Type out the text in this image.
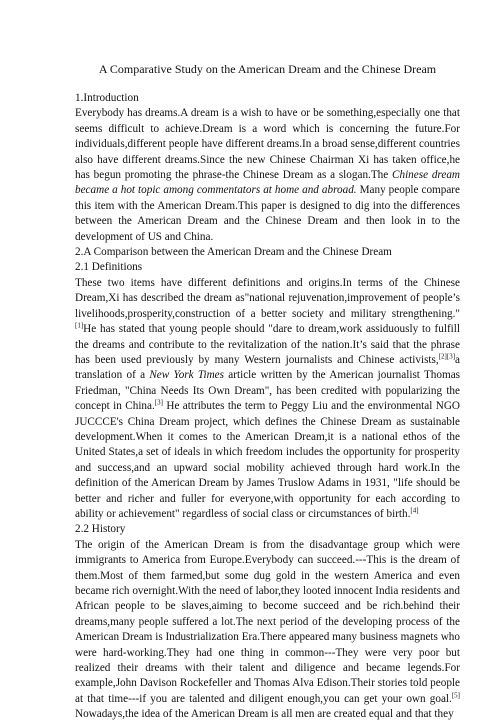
A Comparative Study on the American Dream and the Chinese Dream

1.Introduction

Everybody has dreams.A dream is a wish to have or be something,especially one that seems difficult to achieve.Dream is a word which is concerning the future.For individuals,different people have different dreams.In a broad sense,different countries also have different dreams.Since the new Chinese Chairman Xi has taken office,he has begun promoting the phrase-the Chinese Dream as a slogan.The Chinese dream became a hot topic among commentators at home and abroad. Many people compare this item with the American Dream.This paper is designed to dig into the differences between the American Dream and the Chinese Dream and then look in to the development of US and China.

2.A Comparison between the American Dream and the Chinese Dream

2.1 Definitions

These two items have different definitions and origins.In terms of the Chinese Dream,Xi has described the dream as"national rejuvenation,improvement of people’s livelihoods,prosperity,construction of a better society and military strengthening."[1]He has stated that young people should "dare to dream,work assiduously to fulfill the dreams and contribute to the revitalization of the nation.It’s said that the phrase has been used previously by many Western journalists and Chinese activists,[2][3]a translation of a New York Times article written by the American journalist Thomas Friedman, "China Needs Its Own Dream", has been credited with popularizing the concept in China.[3] He attributes the term to Peggy Liu and the environmental NGO JUCCCE's China Dream project, which defines the Chinese Dream as sustainable development.When it comes to the American Dream,it is a national ethos of the United States,a set of ideals in which freedom includes the opportunity for prosperity and success,and an upward social mobility achieved through hard work.In the definition of the American Dream by James Truslow Adams in 1931, "life should be better and richer and fuller for everyone,with opportunity for each according to ability or achievement" regardless of social class or circumstances of birth.[4]

2.2 History

The origin of the American Dream is from the disadvantage group which were immigrants to America from Europe.Everybody can succeed.---This is the dream of them.Most of them farmed,but some dug gold in the western America and even became rich overnight.With the need of labor,they looted innocent India residents and African people to be slaves,aiming to become succeed and be rich.behind their dreams,many people suffered a lot.The next period of the developing process of the American Dream is Industrialization Era.There appeared many business magnets who were hard-working.They had one thing in common---They were very poor but realized their dreams with their talent and diligence and became legends.For example,John Davison Rockefeller and Thomas Alva Edison.Their stories told people at that time---if you are talented and diligent enough,you can get your own goal.[5] Nowadays,the idea of the American Dream is all men are created equal and that they
